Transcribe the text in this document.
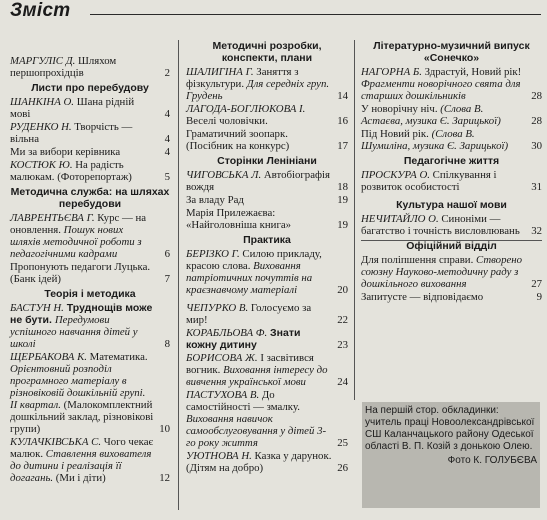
Зміст
МАРГУЛІС Д. Шляхом першопрохідців	2
Листи про перебудову
ШАНКІНА О. Шана рідній мові	4
РУДЕНКО Н. Творчість — вільна	4
Ми за вибори керівника	4
КОСТЮК Ю. На радість малюкам. (Фоторепортаж)	5
Методична служба: на шляхах перебудови
ЛАВРЕНТЬЄВА Г. Курс — на оновлення. Пошук нових шляхів методичної роботи з педагогічними кадрами	6
Пропонують педагоги Луцька. (Банк ідей)	7
Теорія і методика
БАСТУН Н. Труднощів може не бути. Передумови успішного навчання дітей у школі	8
ЩЕРБАКОВА К. Математика. Орієнтовний розподіл програмного матеріалу в різновіковій дошкільній групі. II квартал. (Малокомплектний дошкільний заклад, різновікові групи)	10
КУЛАЧКІВСЬКА С. Чого чекає малюк. Ставлення вихователя до дитини і реалізація її догагань. (Ми і діти)	12
Методичні розробки, конспекти, плани
ШАЛИГІНА Г. Заняття з фізкультури. Для середніх груп. Грудень	14
ЛАГОДА-БОГЛЮКОВА І. Веселі чоловічки.	16
Граматичний зоопарк. (Посібник на конкурс)	17
Сторінки Ленініани
ЧИГОВСЬКА Л. Автобіографія вождя	18
За владу Рад	19
Марія Прилежаєва: «Найголовніша книга»	19
Практика
БЕРІЗКО Г. Силою прикладу, красою слова. Виховання патріотичних почуттів на краєзнавчому матеріалі	20
ЧЕПУРКО В. Голосуємо за мир!	22
КОРАБЛЬОВА Ф. Знати кожну дитину	23
БОРИСОВА Ж. І засвітився вогник. Виховання інтересу до вивчення української мови	24
ПАСТУХОВА В. До самостійності — змалку. Виховання навичок самообслуговування у дітей 3-го року життя	25
УЮТНОВА Н. Казка у дарунок. (Дітям на добро)	26
Літературно-музичний випуск «Сонечко»
НАГОРНА Б. Здрастуй, Новий рік! Фрагменти новорічного свята для старших дошкільників	28
У новорічну ніч. (Слова В. Астаєва, музика Є. Зарицької)	28
Під Новий рік. (Слова В. Шумиліна, музика Є. Зарицької) 30
Педагогічне життя
ПРОСКУРА О. Спілкування і розвиток особистості	31
Культура нашої мови
НЕЧИТАЙЛО О. Синоніми — багатство і точність висловлювань 32
Офіційний відділ
Для поліпшення справи. Створено союзну Науково-методичну раду з дошкільного виховання	27
Запитусте — відповідаємо	9
На першій стор. обкладинки: учитель праці Новоолександрівської СШ Каланчацького району Одеської області В. П. Козій з донькою Олею.
Фото К. ГОЛУБЄВА
